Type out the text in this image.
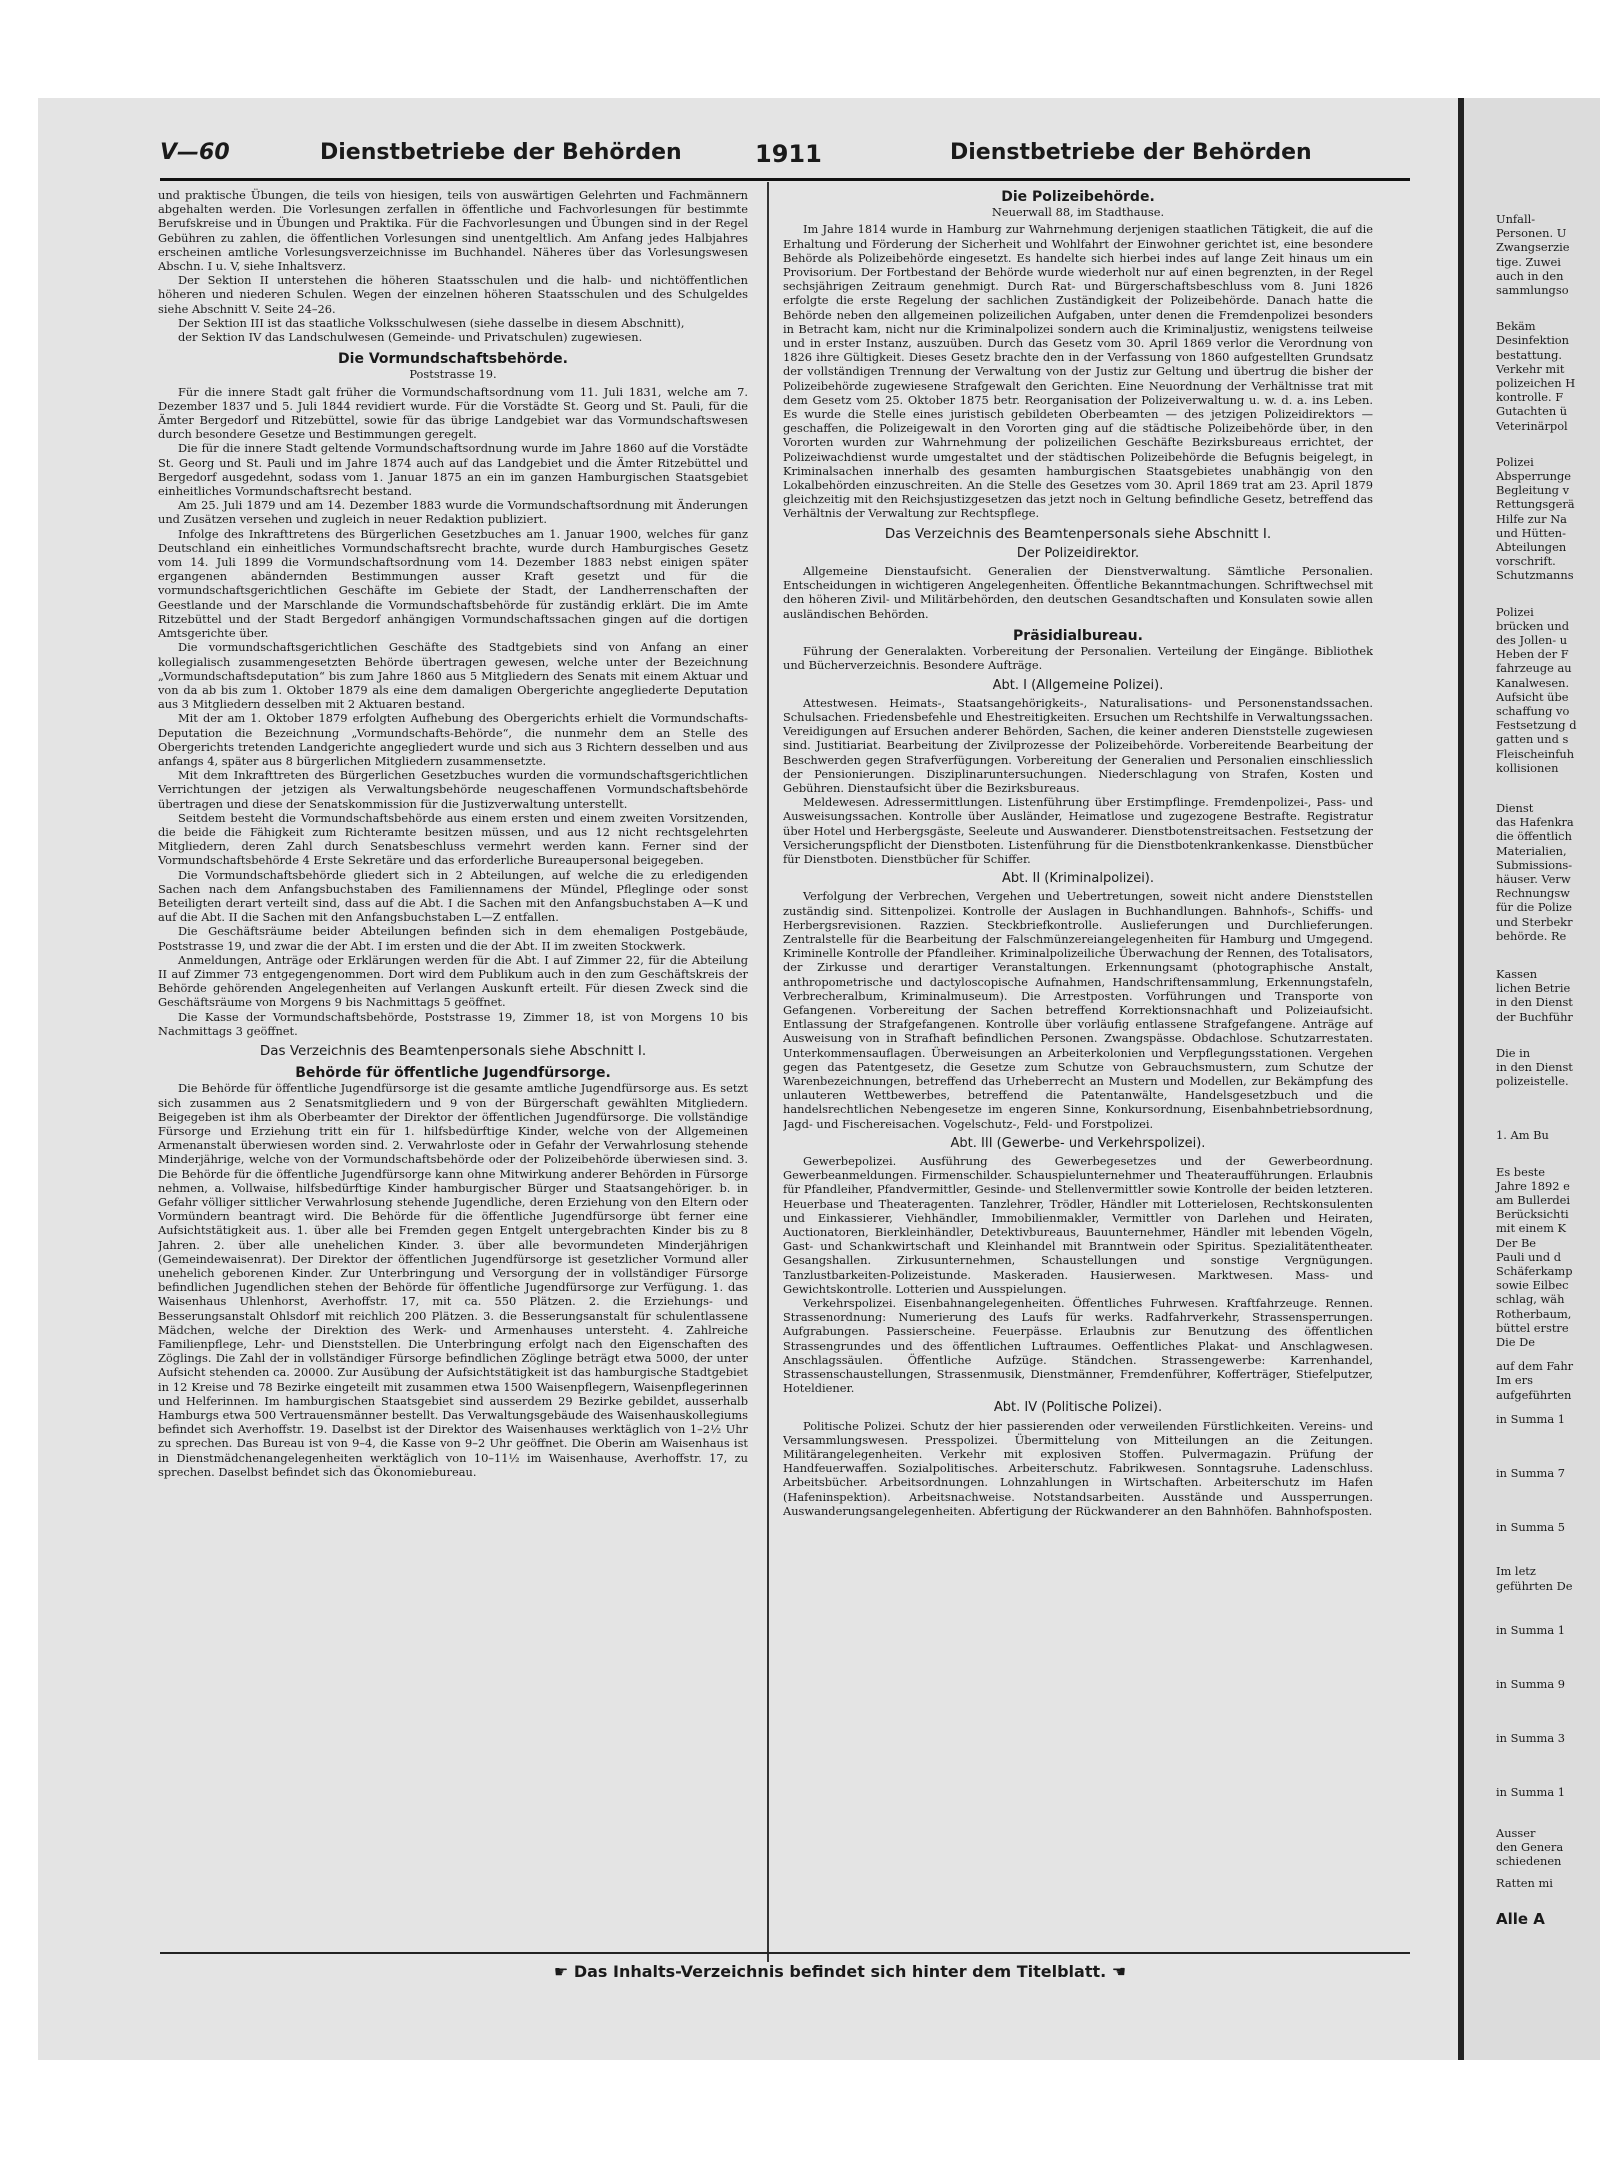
Unfall-
Personen. U
Zwangserzie
tige. Zuwei
auch in den
sammlungso
Bekäm
Desinfektion
bestattung.
Verkehr mit
polizeichen H
kontrolle. F
Gutachten ü
Veterinärpol
Polizei
Absperrunge
Begleitung v
Rettungsgerä
Hilfe zur Na
und Hütten-
Abteilungen
vorschrift.
Schutzmanns
Polizei
brücken und
des Jollen- u
Heben der F
fahrzeuge au
Kanalwesen.
Aufsicht übe
schaffung vo
Festsetzung d
gatten und s
Fleischeinfuh
kollisionen
Dienst
das Hafenkra
die öffentlich
Materialien,
Submissions-
häuser. Verw
Rechnungsw
für die Polize
und Sterbekr
behörde. Re
Kassen
lichen Betrie
in den Dienst
der Buchführ
Die in
in den Dienst
polizeistelle.
1. Am Bu
Es beste
Jahre 1892 e
am Bullerdei
Berücksichti
mit einem K
Der Be
Pauli und d
Schäferkamp
sowie Eilbec
schlag, wäh
Rotherbaum,
büttel erstre
Die De
auf dem Fahr
Im ers
aufgeführten
in Summa 1
in Summa 7
in Summa 5
Im letz
geführten De
in Summa 1
in Summa 9
in Summa 3
in Summa 1
Ausser
den Genera
schiedenen
Ratten mi
Alle A
V—60	Dienstbetriebe der Behörden	1911	Dienstbetriebe der Behörden

und praktische Übungen, die teils von hiesigen, teils von auswärtigen Gelehrten und Fachmännern abgehalten werden. Die Vorlesungen zerfallen in öffentliche und Fachvorlesungen für bestimmte Berufskreise und in Übungen und Praktika. Für die Fachvorlesungen und Übungen sind in der Regel Gebühren zu zahlen, die öffentlichen Vorlesungen sind unentgeltlich. Am Anfang jedes Halbjahres erscheinen amtliche Vorlesungsverzeichnisse im Buchhandel. Näheres über das Vorlesungswesen Abschn. I u. V, siehe Inhaltsverz.

Der Sektion II unterstehen die höheren Staatsschulen und die halb- und nichtöffentlichen höheren und niederen Schulen. Wegen der einzelnen höheren Staatsschulen und des Schulgeldes siehe Abschnitt V. Seite 24–26.

Der Sektion III ist das staatliche Volksschulwesen (siehe dasselbe in diesem Abschnitt),

der Sektion IV das Landschulwesen (Gemeinde- und Privatschulen) zugewiesen.

Die Vormundschaftsbehörde.
Poststrasse 19.

Für die innere Stadt galt früher die Vormundschaftsordnung vom 11. Juli 1831, welche am 7. Dezember 1837 und 5. Juli 1844 revidiert wurde. Für die Vorstädte St. Georg und St. Pauli, für die Ämter Bergedorf und Ritzebüttel, sowie für das übrige Landgebiet war das Vormundschaftswesen durch besondere Gesetze und Bestimmungen geregelt.

Die für die innere Stadt geltende Vormundschaftsordnung wurde im Jahre 1860 auf die Vorstädte St. Georg und St. Pauli und im Jahre 1874 auch auf das Landgebiet und die Ämter Ritzebüttel und Bergedorf ausgedehnt, sodass vom 1. Januar 1875 an ein im ganzen Hamburgischen Staatsgebiet einheitliches Vormundschaftsrecht bestand.

Am 25. Juli 1879 und am 14. Dezember 1883 wurde die Vormundschaftsordnung mit Änderungen und Zusätzen versehen und zugleich in neuer Redaktion publiziert.

Infolge des Inkrafttretens des Bürgerlichen Gesetzbuches am 1. Januar 1900, welches für ganz Deutschland ein einheitliches Vormundschaftsrecht brachte, wurde durch Hamburgisches Gesetz vom 14. Juli 1899 die Vormundschaftsordnung vom 14. Dezember 1883 nebst einigen später ergangenen abändernden Bestimmungen ausser Kraft gesetzt und für die vormundschaftsgerichtlichen Geschäfte im Gebiete der Stadt, der Landherrenschaften der Geestlande und der Marschlande die Vormundschaftsbehörde für zuständig erklärt. Die im Amte Ritzebüttel und der Stadt Bergedorf anhängigen Vormundschaftssachen gingen auf die dortigen Amtsgerichte über.

Die vormundschaftsgerichtlichen Geschäfte des Stadtgebiets sind von Anfang an einer kollegialisch zusammengesetzten Behörde übertragen gewesen, welche unter der Bezeichnung „Vormundschaftsdeputation“ bis zum Jahre 1860 aus 5 Mitgliedern des Senats mit einem Aktuar und von da ab bis zum 1. Oktober 1879 als eine dem damaligen Obergerichte angegliederte Deputation aus 3 Mitgliedern desselben mit 2 Aktuaren bestand.

Mit der am 1. Oktober 1879 erfolgten Aufhebung des Obergerichts erhielt die Vormundschafts-Deputation die Bezeichnung „Vormundschafts-Behörde“, die nunmehr dem an Stelle des Obergerichts tretenden Landgerichte angegliedert wurde und sich aus 3 Richtern desselben und aus anfangs 4, später aus 8 bürgerlichen Mitgliedern zusammensetzte.

Mit dem Inkrafttreten des Bürgerlichen Gesetzbuches wurden die vormundschaftsgerichtlichen Verrichtungen der jetzigen als Verwaltungsbehörde neugeschaffenen Vormundschaftsbehörde übertragen und diese der Senatskommission für die Justizverwaltung unterstellt.

Seitdem besteht die Vormundschaftsbehörde aus einem ersten und einem zweiten Vorsitzenden, die beide die Fähigkeit zum Richteramte besitzen müssen, und aus 12 nicht rechtsgelehrten Mitgliedern, deren Zahl durch Senatsbeschluss vermehrt werden kann. Ferner sind der Vormundschaftsbehörde 4 Erste Sekretäre und das erforderliche Bureaupersonal beigegeben.

Die Vormundschaftsbehörde gliedert sich in 2 Abteilungen, auf welche die zu erledigenden Sachen nach dem Anfangsbuchstaben des Familiennamens der Mündel, Pfleglinge oder sonst Beteiligten derart verteilt sind, dass auf die Abt. I die Sachen mit den Anfangsbuchstaben A—K und auf die Abt. II die Sachen mit den Anfangsbuchstaben L—Z entfallen.

Die Geschäftsräume beider Abteilungen befinden sich in dem ehemaligen Postgebäude, Poststrasse 19, und zwar die der Abt. I im ersten und die der Abt. II im zweiten Stockwerk.

Anmeldungen, Anträge oder Erklärungen werden für die Abt. I auf Zimmer 22, für die Abteilung II auf Zimmer 73 entgegengenommen. Dort wird dem Publikum auch in den zum Geschäftskreis der Behörde gehörenden Angelegenheiten auf Verlangen Auskunft erteilt. Für diesen Zweck sind die Geschäftsräume von Morgens 9 bis Nachmittags 5 geöffnet.

Die Kasse der Vormundschaftsbehörde, Poststrasse 19, Zimmer 18, ist von Morgens 10 bis Nachmittags 3 geöffnet.

Das Verzeichnis des Beamtenpersonals siehe Abschnitt I.
Behörde für öffentliche Jugendfürsorge.

Die Behörde für öffentliche Jugendfürsorge ist die gesamte amtliche Jugendfürsorge aus. Es setzt sich zusammen aus 2 Senatsmitgliedern und 9 von der Bürgerschaft gewählten Mitgliedern. Beigegeben ist ihm als Oberbeamter der Direktor der öffentlichen Jugendfürsorge. Die vollständige Fürsorge und Erziehung tritt ein für 1. hilfsbedürftige Kinder, welche von der Allgemeinen Armenanstalt überwiesen worden sind. 2. Verwahrloste oder in Gefahr der Verwahrlosung stehende Minderjährige, welche von der Vormundschaftsbehörde oder der Polizeibehörde überwiesen sind. 3. Die Behörde für die öffentliche Jugendfürsorge kann ohne Mitwirkung anderer Behörden in Fürsorge nehmen, a. Vollwaise, hilfsbedürftige Kinder hamburgischer Bürger und Staatsangehöriger. b. in Gefahr völliger sittlicher Verwahrlosung stehende Jugendliche, deren Erziehung von den Eltern oder Vormündern beantragt wird. Die Behörde für die öffentliche Jugendfürsorge übt ferner eine Aufsichtstätigkeit aus. 1. über alle bei Fremden gegen Entgelt untergebrachten Kinder bis zu 8 Jahren. 2. über alle unehelichen Kinder. 3. über alle bevormundeten Minderjährigen (Gemeindewaisenrat). Der Direktor der öffentlichen Jugendfürsorge ist gesetzlicher Vormund aller unehelich geborenen Kinder. Zur Unterbringung und Versorgung der in vollständiger Fürsorge befindlichen Jugendlichen stehen der Behörde für öffentliche Jugendfürsorge zur Verfügung. 1. das Waisenhaus Uhlenhorst, Averhoffstr. 17, mit ca. 550 Plätzen. 2. die Erziehungs- und Besserungsanstalt Ohlsdorf mit reichlich 200 Plätzen. 3. die Besserungsanstalt für schulentlassene Mädchen, welche der Direktion des Werk- und Armenhauses untersteht. 4. Zahlreiche Familienpflege, Lehr- und Dienststellen. Die Unterbringung erfolgt nach den Eigenschaften des Zöglings. Die Zahl der in vollständiger Fürsorge befindlichen Zöglinge beträgt etwa 5000, der unter Aufsicht stehenden ca. 20000. Zur Ausübung der Aufsichtstätigkeit ist das hamburgische Stadtgebiet in 12 Kreise und 78 Bezirke eingeteilt mit zusammen etwa 1500 Waisenpflegern, Waisenpflegerinnen und Helferinnen. Im hamburgischen Staatsgebiet sind ausserdem 29 Bezirke gebildet, ausserhalb Hamburgs etwa 500 Vertrauensmänner bestellt. Das Verwaltungsgebäude des Waisenhauskollegiums befindet sich Averhoffstr. 19. Daselbst ist der Direktor des Waisenhauses werktäglich von 1–2½ Uhr zu sprechen. Das Bureau ist von 9–4, die Kasse von 9–2 Uhr geöffnet. Die Oberin am Waisenhaus ist in Dienstmädchenangelegenheiten werktäglich von 10–11½ im Waisenhause, Averhoffstr. 17, zu sprechen. Daselbst befindet sich das Ökonomiebureau.

Die Polizeibehörde.
Neuerwall 88, im Stadthause.

Im Jahre 1814 wurde in Hamburg zur Wahrnehmung derjenigen staatlichen Tätigkeit, die auf die Erhaltung und Förderung der Sicherheit und Wohlfahrt der Einwohner gerichtet ist, eine besondere Behörde als Polizeibehörde eingesetzt. Es handelte sich hierbei indes auf lange Zeit hinaus um ein Provisorium. Der Fortbestand der Behörde wurde wiederholt nur auf einen begrenzten, in der Regel sechsjährigen Zeitraum genehmigt. Durch Rat- und Bürgerschaftsbeschluss vom 8. Juni 1826 erfolgte die erste Regelung der sachlichen Zuständigkeit der Polizeibehörde. Danach hatte die Behörde neben den allgemeinen polizeilichen Aufgaben, unter denen die Fremdenpolizei besonders in Betracht kam, nicht nur die Kriminalpolizei sondern auch die Kriminaljustiz, wenigstens teilweise und in erster Instanz, auszuüben. Durch das Gesetz vom 30. April 1869 verlor die Verordnung von 1826 ihre Gültigkeit. Dieses Gesetz brachte den in der Verfassung von 1860 aufgestellten Grundsatz der vollständigen Trennung der Verwaltung von der Justiz zur Geltung und übertrug die bisher der Polizeibehörde zugewiesene Strafgewalt den Gerichten. Eine Neuordnung der Verhältnisse trat mit dem Gesetz vom 25. Oktober 1875 betr. Reorganisation der Polizeiverwaltung u. w. d. a. ins Leben. Es wurde die Stelle eines juristisch gebildeten Oberbeamten — des jetzigen Polizeidirektors — geschaffen, die Polizeigewalt in den Vororten ging auf die städtische Polizeibehörde über, in den Vororten wurden zur Wahrnehmung der polizeilichen Geschäfte Bezirksbureaus errichtet, der Polizeiwachdienst wurde umgestaltet und der städtischen Polizeibehörde die Befugnis beigelegt, in Kriminalsachen innerhalb des gesamten hamburgischen Staatsgebietes unabhängig von den Lokalbehörden einzuschreiten. An die Stelle des Gesetzes vom 30. April 1869 trat am 23. April 1879 gleichzeitig mit den Reichsjustizgesetzen das jetzt noch in Geltung befindliche Gesetz, betreffend das Verhältnis der Verwaltung zur Rechtspflege.

Das Verzeichnis des Beamtenpersonals siehe Abschnitt I.
Der Polizeidirektor.

Allgemeine Dienstaufsicht. Generalien der Dienstverwaltung. Sämtliche Personalien. Entscheidungen in wichtigeren Angelegenheiten. Öffentliche Bekanntmachungen. Schriftwechsel mit den höheren Zivil- und Militärbehörden, den deutschen Gesandtschaften und Konsulaten sowie allen ausländischen Behörden.

Präsidialbureau.

Führung der Generalakten. Vorbereitung der Personalien. Verteilung der Eingänge. Bibliothek und Bücherverzeichnis. Besondere Aufträge.

Abt. I (Allgemeine Polizei).

Attestwesen. Heimats-, Staatsangehörigkeits-, Naturalisations- und Personenstandssachen. Schulsachen. Friedensbefehle und Ehestreitigkeiten. Ersuchen um Rechtshilfe in Verwaltungssachen. Vereidigungen auf Ersuchen anderer Behörden, Sachen, die keiner anderen Dienststelle zugewiesen sind. Justitiariat. Bearbeitung der Zivilprozesse der Polizeibehörde. Vorbereitende Bearbeitung der Beschwerden gegen Strafverfügungen. Vorbereitung der Generalien und Personalien einschliesslich der Pensionierungen. Disziplinaruntersuchungen. Niederschlagung von Strafen, Kosten und Gebühren. Dienstaufsicht über die Bezirksbureaus.

Meldewesen. Adressermittlungen. Listenführung über Erstimpflinge. Fremdenpolizei-, Pass- und Ausweisungssachen. Kontrolle über Ausländer, Heimatlose und zugezogene Bestrafte. Registratur über Hotel und Herbergsgäste, Seeleute und Auswanderer. Dienstbotenstreitsachen. Festsetzung der Versicherungspflicht der Dienstboten. Listenführung für die Dienstbotenkrankenkasse. Dienstbücher für Dienstboten. Dienstbücher für Schiffer.

Abt. II (Kriminalpolizei).

Verfolgung der Verbrechen, Vergehen und Uebertretungen, soweit nicht andere Dienststellen zuständig sind. Sittenpolizei. Kontrolle der Auslagen in Buchhandlungen. Bahnhofs-, Schiffs- und Herbergsrevisionen. Razzien. Steckbriefkontrolle. Auslieferungen und Durchlieferungen. Zentralstelle für die Bearbeitung der Falschmünzereiangelegenheiten für Hamburg und Umgegend. Kriminelle Kontrolle der Pfandleiher. Kriminalpolizeiliche Überwachung der Rennen, des Totalisators, der Zirkusse und derartiger Veranstaltungen. Erkennungsamt (photographische Anstalt, anthropometrische und dactyloscopische Aufnahmen, Handschriftensammlung, Erkennungstafeln, Verbrecheralbum, Kriminalmuseum). Die Arrestposten. Vorführungen und Transporte von Gefangenen. Vorbereitung der Sachen betreffend Korrektionsnachhaft und Polizeiaufsicht. Entlassung der Strafgefangenen. Kontrolle über vorläufig entlassene Strafgefangene. Anträge auf Ausweisung von in Strafhaft befindlichen Personen. Zwangspässe. Obdachlose. Schutzarrestaten. Unterkommensauflagen. Überweisungen an Arbeiterkolonien und Verpflegungsstationen. Vergehen gegen das Patentgesetz, die Gesetze zum Schutze von Gebrauchsmustern, zum Schutze der Warenbezeichnungen, betreffend das Urheberrecht an Mustern und Modellen, zur Bekämpfung des unlauteren Wettbewerbes, betreffend die Patentanwälte, Handelsgesetzbuch und die handelsrechtlichen Nebengesetze im engeren Sinne, Konkursordnung, Eisenbahnbetriebsordnung, Jagd- und Fischereisachen. Vogelschutz-, Feld- und Forstpolizei.

Abt. III (Gewerbe- und Verkehrspolizei).

Gewerbepolizei. Ausführung des Gewerbegesetzes und der Gewerbeordnung. Gewerbeanmeldungen. Firmenschilder. Schauspielunternehmer und Theateraufführungen. Erlaubnis für Pfandleiher, Pfandvermittler, Gesinde- und Stellenvermittler sowie Kontrolle der beiden letzteren. Heuerbase und Theateragenten. Tanzlehrer, Trödler, Händler mit Lotterielosen, Rechtskonsulenten und Einkassierer, Viehhändler, Immobilienmakler, Vermittler von Darlehen und Heiraten, Auctionatoren, Bierkleinhändler, Detektivbureaus, Bauunternehmer, Händler mit lebenden Vögeln, Gast- und Schankwirtschaft und Kleinhandel mit Branntwein oder Spiritus. Spezialitätentheater. Gesangshallen. Zirkusunternehmen, Schaustellungen und sonstige Vergnügungen. Tanzlustbarkeiten-Polizeistunde. Maskeraden. Hausierwesen. Marktwesen. Mass- und Gewichtskontrolle. Lotterien und Ausspielungen.

Verkehrspolizei. Eisenbahnangelegenheiten. Öffentliches Fuhrwesen. Kraftfahrzeuge. Rennen. Strassenordnung: Numerierung des Laufs für werks. Radfahrverkehr, Strassensperrungen. Aufgrabungen. Passierscheine. Feuerpässe. Erlaubnis zur Benutzung des öffentlichen Strassengrundes und des öffentlichen Luftraumes. Oeffentliches Plakat- und Anschlagwesen. Anschlagssäulen. Öffentliche Aufzüge. Ständchen. Strassengewerbe: Karrenhandel, Strassenschaustellungen, Strassenmusik, Dienstmänner, Fremdenführer, Kofferträger, Stiefelputzer, Hoteldiener.

Abt. IV (Politische Polizei).

Politische Polizei. Schutz der hier passierenden oder verweilenden Fürstlichkeiten. Vereins- und Versammlungswesen. Presspolizei. Übermittelung von Mitteilungen an die Zeitungen. Militärangelegenheiten. Verkehr mit explosiven Stoffen. Pulvermagazin. Prüfung der Handfeuerwaffen. Sozialpolitisches. Arbeiterschutz. Fabrikwesen. Sonntagsruhe. Ladenschluss. Arbeitsbücher. Arbeitsordnungen. Lohnzahlungen in Wirtschaften. Arbeiterschutz im Hafen (Hafeninspektion). Arbeitsnachweise. Notstandsarbeiten. Ausstände und Aussperrungen. Auswanderungsangelegenheiten. Abfertigung der Rückwanderer an den Bahnhöfen. Bahnhofsposten.

☛ Das Inhalts-Verzeichnis befindet sich hinter dem Titelblatt. ☚
